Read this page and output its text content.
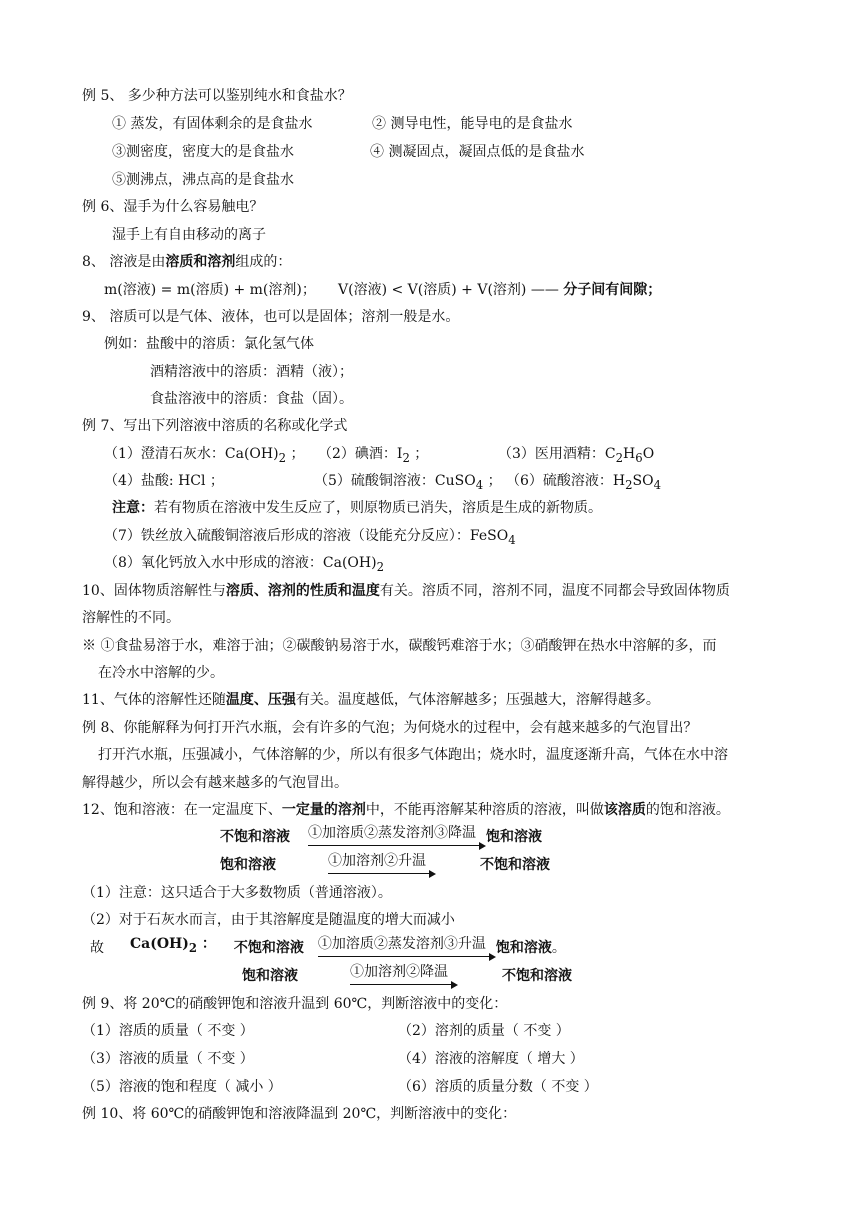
例 5、 多少种方法可以鉴别纯水和食盐水？
① 蒸发，有固体剩余的是食盐水	② 测导电性，能导电的是食盐水
③测密度，密度大的是食盐水	④ 测凝固点，凝固点低的是食盐水
⑤测沸点，沸点高的是食盐水
例 6、湿手为什么容易触电？
湿手上有自由移动的离子
8、 溶液是由溶质和溶剂组成的：
m(溶液) = m(溶质) + m(溶剂)； V(溶液) < V(溶质) + V(溶剂) —— 分子间有间隙；
9、 溶质可以是气体、液体，也可以是固体；溶剂一般是水。
例如：盐酸中的溶质：氯化氢气体
酒精溶液中的溶质：酒精（液）；
食盐溶液中的溶质：食盐（固）。
例 7、写出下列溶液中溶质的名称或化学式
（1）澄清石灰水：$Ca(OH)_2$ ； （2）碘酒：$I_2$ ；	（3）医用酒精：$C_2H_6O$
（4）盐酸: HCl ；	（5）硫酸铜溶液：CuSO$_4$ ； （6）硫酸溶液：$H_2SO_4$
注意：若有物质在溶液中发生反应了，则原物质已消失，溶质是生成的新物质。
（7）铁丝放入硫酸铜溶液后形成的溶液（设能充分反应）：FeSO$_4$
（8）氧化钙放入水中形成的溶液：$Ca(OH)_2$
10、固体物质溶解性与溶质、溶剂的性质和温度有关。溶质不同，溶剂不同，温度不同都会导致固体物质
溶解性的不同。
※ ①食盐易溶于水，难溶于油；②碳酸钠易溶于水，碳酸钙难溶于水；③硝酸钾在热水中溶解的多，而
在冷水中溶解的少。
11、气体的溶解性还随温度、压强有关。温度越低，气体溶解越多；压强越大，溶解得越多。
例 8、你能解释为何打开汽水瓶，会有许多的气泡；为何烧水的过程中，会有越来越多的气泡冒出？
打开汽水瓶，压强减小，气体溶解的少，所以有很多气体跑出；烧水时，温度逐渐升高，气体在水中溶
解得越少，所以会有越来越多的气泡冒出。
12、饱和溶液：在一定温度下、一定量的溶剂中，不能再溶解某种溶质的溶液，叫做该溶质的饱和溶液。
不饱和溶液 ①加溶质②蒸发溶剂③降温 饱和溶液
饱和溶液	①加溶剂②升温	不饱和溶液
（1）注意：这只适合于大多数物质（普通溶液）。
（2）对于石灰水而言，由于其溶解度是随温度的增大而减小
故 $Ca(OH)_2$ ： 不饱和溶液 ①加溶质②蒸发溶剂③升温 饱和溶液 。
饱和溶液	①加溶剂②降温	不饱和溶液
例 9、将 20℃的硝酸钾饱和溶液升温到 60℃，判断溶液中的变化：
（1）溶质的质量（ 不变 ）	（2）溶剂的质量（ 不变 ）
（3）溶液的质量（ 不变 ）	（4）溶液的溶解度（ 增大 ）
（5）溶液的饱和程度（ 减小 ）	（6）溶质的质量分数（ 不变 ）
例 10、将 60℃的硝酸钾饱和溶液降温到 20℃，判断溶液中的变化：
